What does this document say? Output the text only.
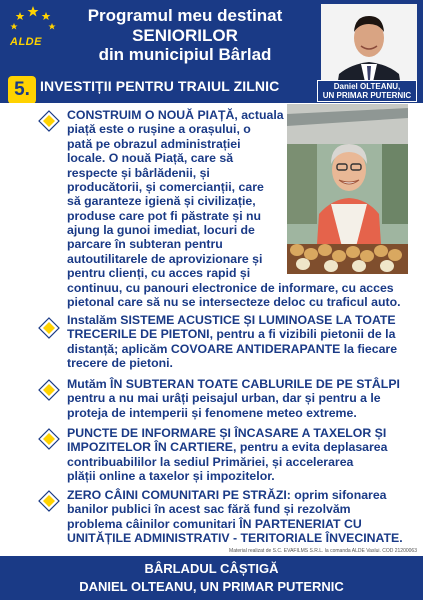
ALDE
Programul meu destinat
SENIORILOR
din municipiul Bârlad
Daniel OLTEANU,
UN PRIMAR PUTERNIC
5. INVESTIȚII PENTRU TRAIUL ZILNIC
CONSTRUIM O NOUĂ PIAȚĂ, actuala
piață este o rușine a orașului, o
pată pe obrazul administrației
locale. O nouă Piață, care să
respecte și bârlădenii, și
producătorii, și comercianții, care
să garanteze igienă și civilizație,
produse care pot fi păstrate și nu
ajung la gunoi imediat, locuri de
parcare în subteran pentru
autoutilitarele de aprovizionare și
pentru clienți, cu acces rapid și
continuu, cu panouri electronice de informare, cu acces
pietonal care să nu se intersecteze deloc cu traficul auto.
Instalăm SISTEME ACUSTICE ȘI LUMINOASE LA TOATE
TRECERILE DE PIETONI, pentru a fi vizibili pietonii de la
distanță; aplicăm COVOARE ANTIDERAPANTE la fiecare
trecere de pietoni.
Mutăm ÎN SUBTERAN TOATE CABLURILE DE PE STÂLPI
pentru a nu mai urâți peisajul urban, dar și pentru a le
proteja de intemperii și fenomene meteo extreme.
PUNCTE DE INFORMARE ȘI ÎNCASARE A TAXELOR ȘI
IMPOZITELOR ÎN CARTIERE, pentru a evita deplasarea
contribuabililor la sediul Primăriei, și accelerarea
plății online a taxelor și impozitelor.
ZERO CÂINI COMUNITARI PE STRĂZI: oprim sifonarea
banilor publici în acest sac fără fund și rezolvăm
problema câinilor comunitari ÎN PARTENERIAT CU
UNITĂȚILE ADMINISTRATIV - TERITORIALE ÎNVECINATE.
Material realizat de S.C. EVAFILMS S.R.L. la comanda ALDE Vaslui. COD 21200063
BÂRLADUL CÂȘTIGĂ
DANIEL OLTEANU, UN PRIMAR PUTERNIC
